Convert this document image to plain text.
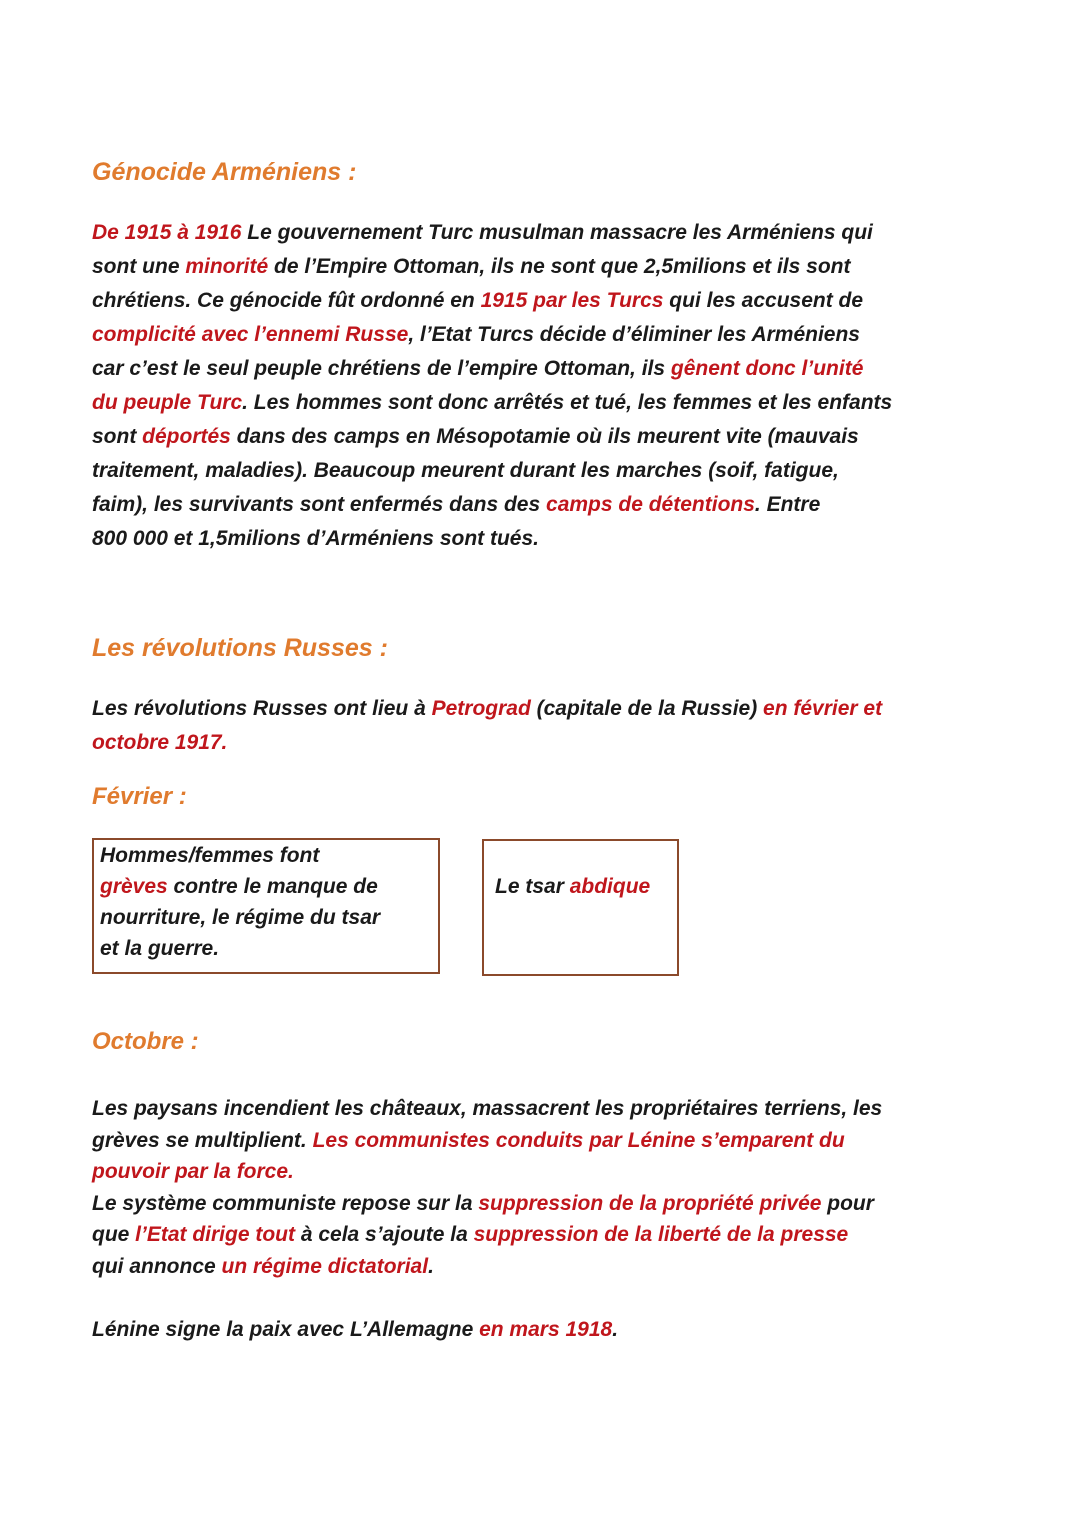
Génocide Arméniens :
De 1915 à 1916 Le gouvernement Turc musulman massacre les Arméniens qui
sont une minorité de l’Empire Ottoman, ils ne sont que 2,5milions et ils sont
chrétiens. Ce génocide fût ordonné en 1915 par les Turcs qui les accusent de
complicité avec l’ennemi Russe, l’Etat Turcs décide d’éliminer les Arméniens
car c’est le seul peuple chrétiens de l’empire Ottoman, ils gênent donc l’unité
du peuple Turc. Les hommes sont donc arrêtés et tué, les femmes et les enfants
sont déportés dans des camps en Mésopotamie où ils meurent vite (mauvais
traitement, maladies). Beaucoup meurent durant les marches (soif, fatigue,
faim), les survivants sont enfermés dans des camps de détentions. Entre
800 000 et 1,5milions d’Arméniens sont tués.
Les révolutions Russes :
Les révolutions Russes ont lieu à Petrograd (capitale de la Russie) en février et
octobre 1917.
Février :
Hommes/femmes font
grèves contre le manque de
nourriture, le régime du tsar
et la guerre.
Le tsar abdique
Octobre :
Les paysans incendient les châteaux, massacrent les propriétaires terriens, les
grèves se multiplient. Les communistes conduits par Lénine s’emparent du
pouvoir par la force.
Le système communiste repose sur la suppression de la propriété privée pour
que l’Etat dirige tout à cela s’ajoute la suppression de la liberté de la presse
qui annonce un régime dictatorial.
Lénine signe la paix avec L’Allemagne en mars 1918.
